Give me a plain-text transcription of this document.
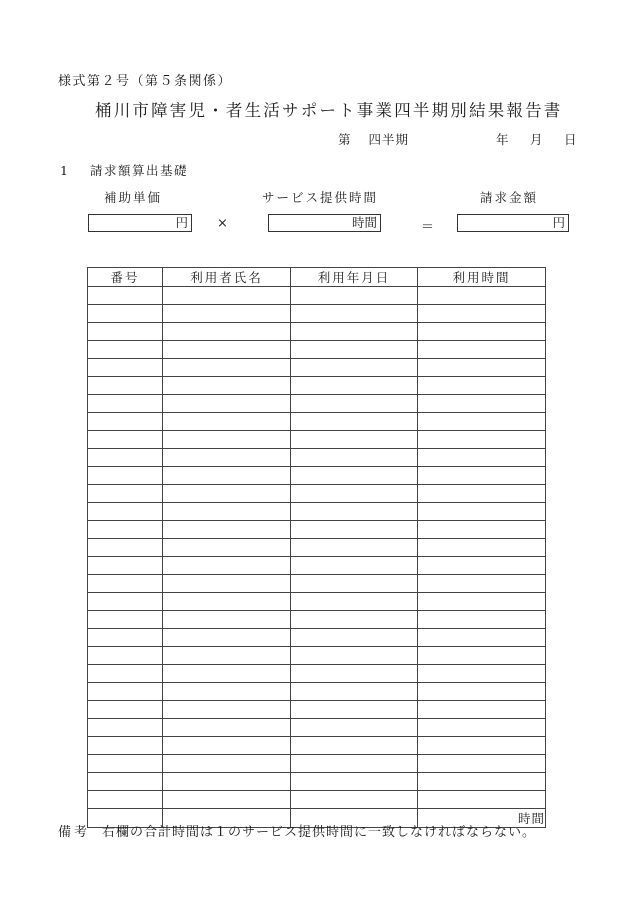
様式第２号（第５条関係）
桶川市障害児・者生活サポート事業四半期別結果報告書
第 四半期	年 月 日
1 請求額算出基礎
補助単価	サービス提供時間	請求金額
円	×	時間	＝	円
番号	利用者氏名	利用年月日	利用時間

			時間
備考 右欄の合計時間は１のサービス提供時間に一致しなければならない。
